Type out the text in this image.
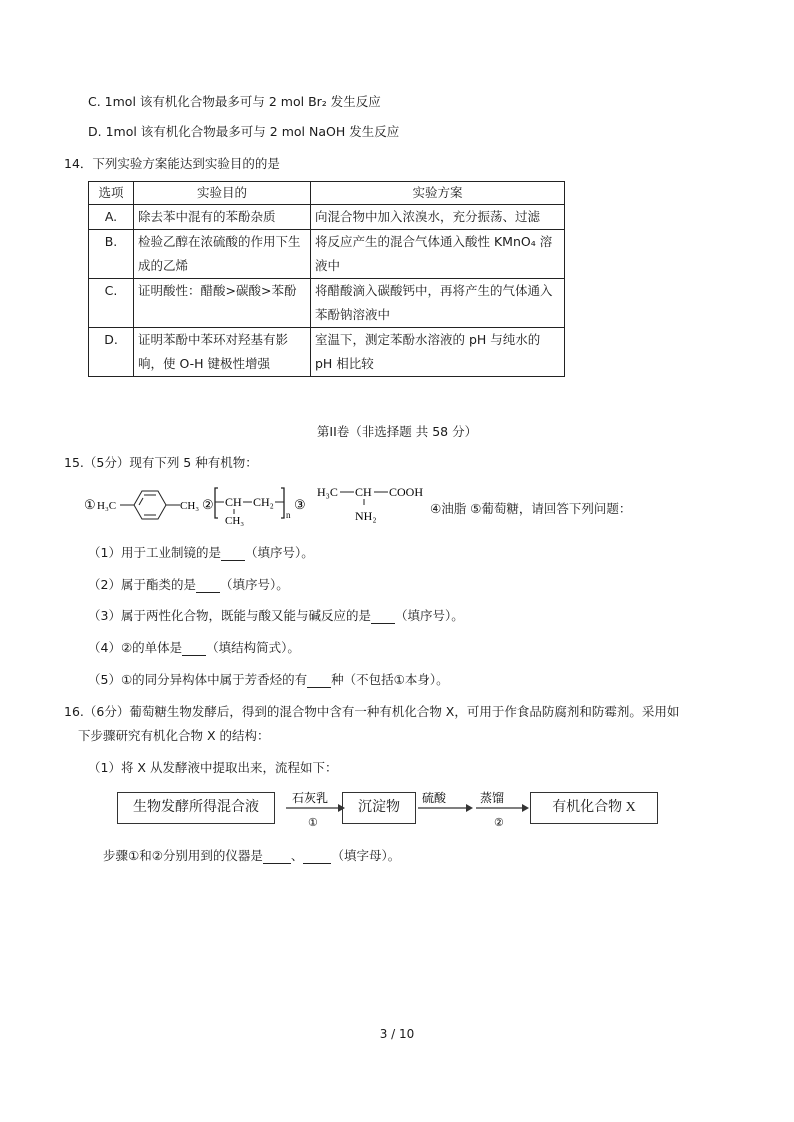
C. 1mol 该有机化合物最多可与 2 mol Br₂ 发生反应
D. 1mol 该有机化合物最多可与 2 mol NaOH 发生反应
14．下列实验方案能达到实验目的的是
选项	实验目的	实验方案
A.	除去苯中混有的苯酚杂质	向混合物中加入浓溴水，充分振荡、过滤
B.	检验乙醇在浓硫酸的作用下生成的乙烯	将反应产生的混合气体通入酸性 KMnO₄ 溶液中
C.	证明酸性：醋酸>碳酸>苯酚	将醋酸滴入碳酸钙中，再将产生的气体通入苯酚钠溶液中
D.	证明苯酚中苯环对羟基有影响，使 O-H 键极性增强	室温下，测定苯酚水溶液的 pH 与纯水的 pH 相比较
第II卷（非选择题 共 58 分）
15.（5分）现有下列 5 种有机物：
① H₃C	CH₃ ② CH CH₂
n
CH₃
③
H₃C CH COOH
NH₂	④油脂 ⑤葡萄糖，请回答下列问题：
（1）用于工业制镜的是 （填序号）。
（2）属于酯类的是 （填序号）。
（3）属于两性化合物，既能与酸又能与碱反应的是 （填序号）。
（4）②的单体是 （填结构简式）。
（5）①的同分异构体中属于芳香烃的有 种（不包括①本身）。
16.（6分）葡萄糖生物发酵后，得到的混合物中含有一种有机化合物 X，可用于作食品防腐剂和防霉剂。采用如
下步骤研究有机化合物 X 的结构：
（1）将 X 从发酵液中提取出来，流程如下：
生物发酵所得混合液	沉淀物	有机化合物 X
石灰乳
①
硫酸	蒸馏
②
步骤①和②分别用到的仪器是 、 （填字母）。
3 / 10
